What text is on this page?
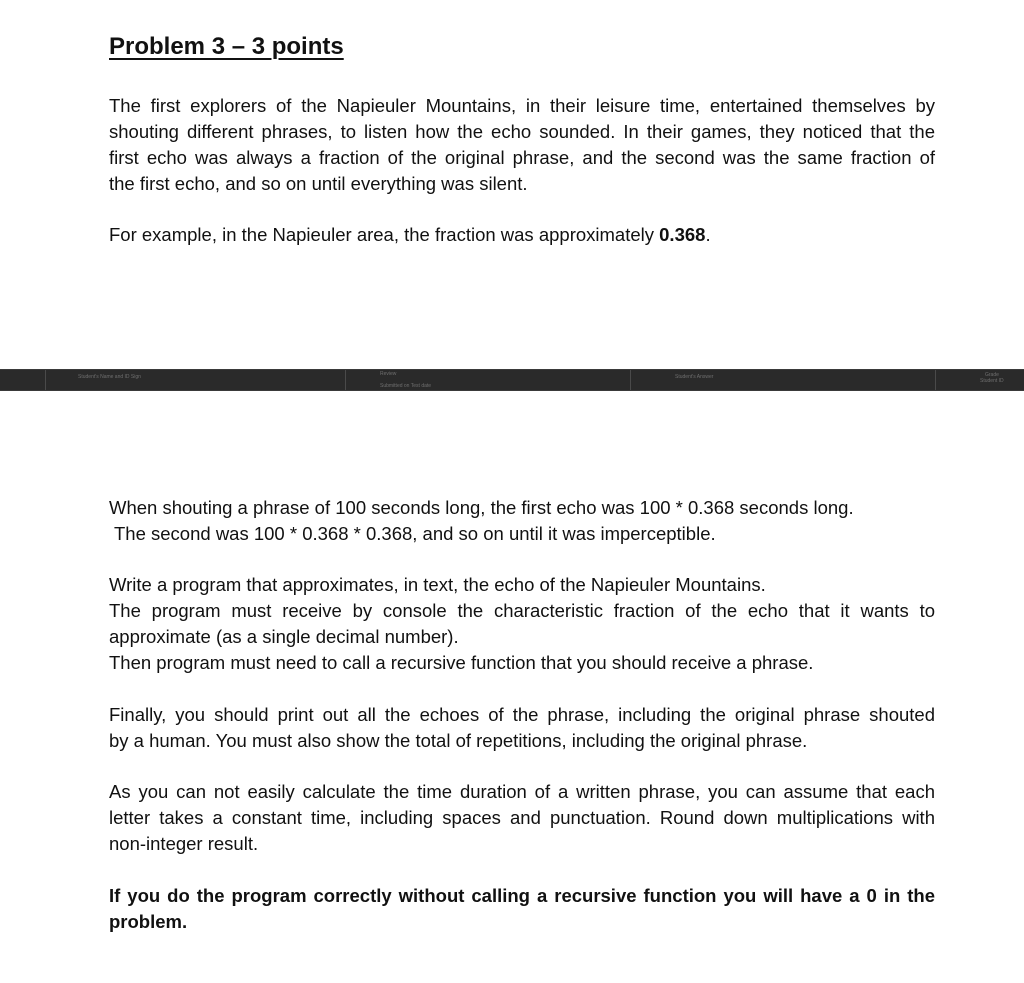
Problem 3 – 3 points
The first explorers of the Napieuler Mountains, in their leisure time, entertained themselves by
shouting different phrases, to listen how the echo sounded. In their games, they noticed that the
first echo was always a fraction of the original phrase, and the second was the same fraction of
the first echo, and so on until everything was silent.
For example, in the Napieuler area, the fraction was approximately 0.368.
Student's Name and ID Sign	Review
Student ID
Grade
Submitted on Test date
Student's Answer
When shouting a phrase of 100 seconds long, the first echo was 100 * 0.368 seconds long.
The second was 100 * 0.368 * 0.368, and so on until it was imperceptible.
Write a program that approximates, in text, the echo of the Napieuler Mountains.
The program must receive by console the characteristic fraction of the echo that it wants to
approximate (as a single decimal number).
Then program must need to call a recursive function that you should receive a phrase.
Finally, you should print out all the echoes of the phrase, including the original phrase shouted
by a human. You must also show the total of repetitions, including the original phrase.
As you can not easily calculate the time duration of a written phrase, you can assume that each
letter takes a constant time, including spaces and punctuation. Round down multiplications with
non-integer result.
If you do the program correctly without calling a recursive function you will have a 0 in the
problem.
